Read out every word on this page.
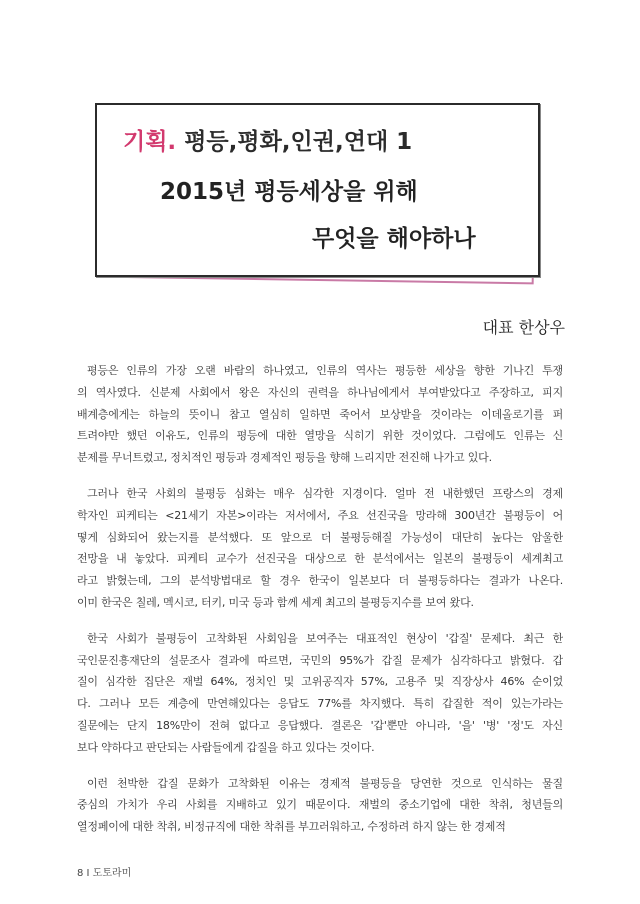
기획. 평등,평화,인권,연대 1
2015년 평등세상을 위해
무엇을 해야하나
대표 한상우
평등은 인류의 가장 오랜 바람의 하나였고, 인류의 역사는 평등한 세상을 향한 기나긴 투쟁
의 역사였다. 신분제 사회에서 왕은 자신의 권력을 하나님에게서 부여받았다고 주장하고, 피지
배계층에게는 하늘의 뜻이니 참고 열심히 일하면 죽어서 보상받을 것이라는 이데올로기를 퍼
트려야만 했던 이유도, 인류의 평등에 대한 열망을 식히기 위한 것이었다. 그럼에도 인류는 신
분제를 무너트렸고, 정치적인 평등과 경제적인 평등을 향해 느리지만 전진해 나가고 있다.
그러나 한국 사회의 불평등 심화는 매우 심각한 지경이다. 얼마 전 내한했던 프랑스의 경제
학자인 피케티는 <21세기 자본>이라는 저서에서, 주요 선진국을 망라해 300년간 불평등이 어
떻게 심화되어 왔는지를 분석했다. 또 앞으로 더 불평등해질 가능성이 대단히 높다는 암울한
전망을 내 놓았다. 피케티 교수가 선진국을 대상으로 한 분석에서는 일본의 불평등이 세계최고
라고 밝혔는데, 그의 분석방법대로 할 경우 한국이 일본보다 더 불평등하다는 결과가 나온다.
이미 한국은 칠레, 멕시코, 터키, 미국 등과 함께 세계 최고의 불평등지수를 보여 왔다.
한국 사회가 불평등이 고착화된 사회임을 보여주는 대표적인 현상이 '갑질' 문제다. 최근 한
국인문진흥재단의 설문조사 결과에 따르면, 국민의 95%가 갑질 문제가 심각하다고 밝혔다. 갑
질이 심각한 집단은 재벌 64%, 정치인 및 고위공직자 57%, 고용주 및 직장상사 46% 순이었
다. 그러나 모든 계층에 만연해있다는 응답도 77%를 차지했다. 특히 갑질한 적이 있는가라는
질문에는 단지 18%만이 전혀 없다고 응답했다. 결론은 '갑'뿐만 아니라, '을' '병' '정'도 자신
보다 약하다고 판단되는 사람들에게 갑질을 하고 있다는 것이다.
이런 천박한 갑질 문화가 고착화된 이유는 경제적 불평등을 당연한 것으로 인식하는 물질
중심의 가치가 우리 사회를 지배하고 있기 때문이다. 재벌의 중소기업에 대한 착취, 청년들의
열정페이에 대한 착취, 비정규직에 대한 착취를 부끄러워하고, 수정하려 하지 않는 한 경제적
8 I 도토라미
